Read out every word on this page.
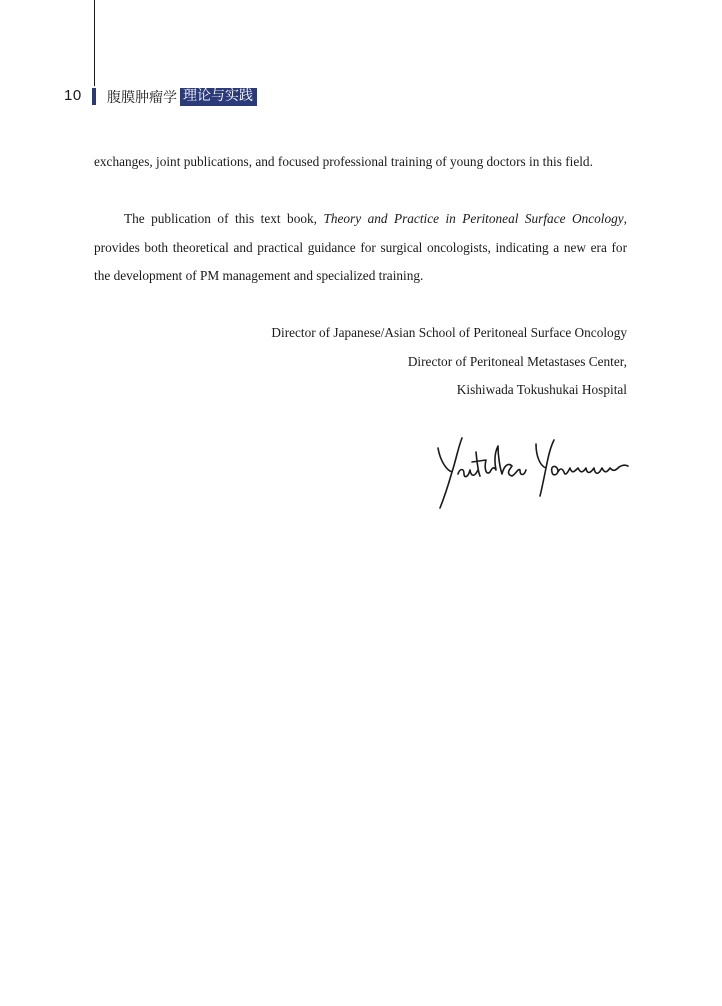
10 腹膜肿瘤学 理论与实践

exchanges, joint publications, and focused professional training of young doctors in this field.

The publication of this text book, Theory and Practice in Peritoneal Surface Oncology, provides both theoretical and practical guidance for surgical oncologists, indicating a new era for the development of PM management and specialized training.

Director of Japanese/Asian School of Peritoneal Surface Oncology
Director of Peritoneal Metastases Center,
Kishiwada Tokushukai Hospital
